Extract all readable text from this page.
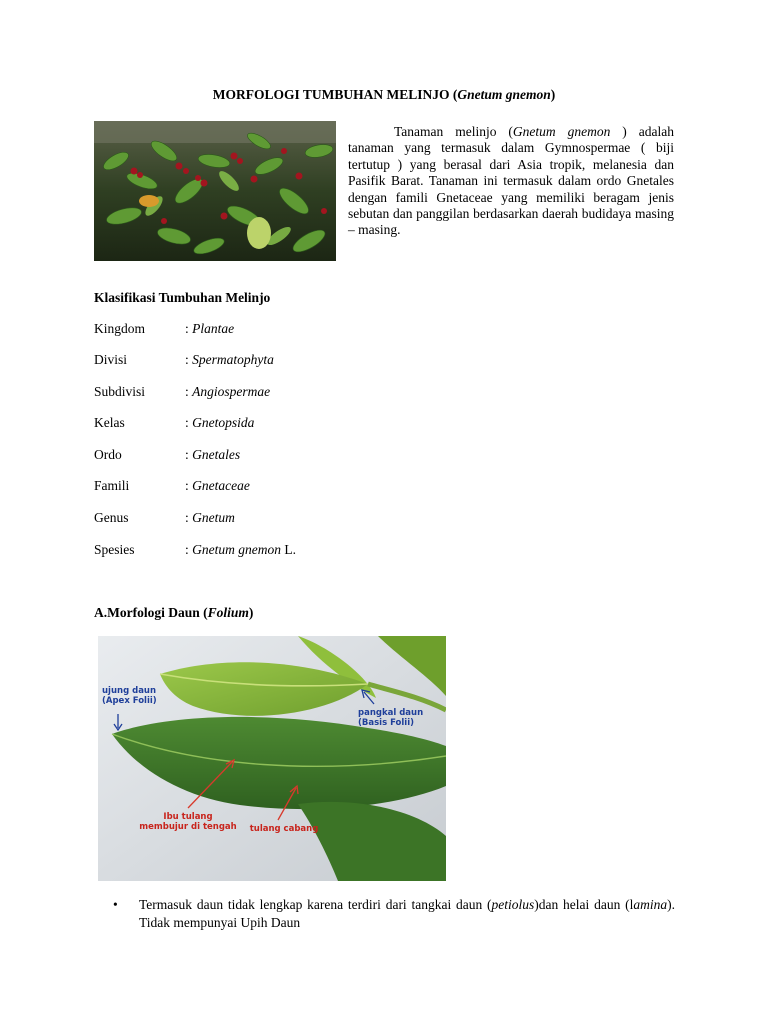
MORFOLOGI TUMBUHAN MELINJO (Gnetum gnemon)
Tanaman melinjo (Gnetum gnemon ) adalah tanaman yang termasuk dalam Gymnospermae ( biji tertutup ) yang berasal dari Asia tropik, melanesia dan Pasifik Barat. Tanaman ini termasuk dalam ordo Gnetales dengan famili Gnetaceae yang memiliki beragam jenis sebutan dan panggilan berdasarkan daerah budidaya masing – masing.
Klasifikasi Tumbuhan Melinjo
Kingdom	: Plantae
Divisi	: Spermatophyta
Subdivisi	: Angiospermae
Kelas	: Gnetopsida
Ordo	: Gnetales
Famili	: Gnetaceae
Genus	: Gnetum
Spesies	: Gnetum gnemon L.
A.Morfologi Daun (Folium)
ujung daun
(Apex Folii)
pangkal daun
(Basis Folii)
Ibu tulang
membujur di tengah tulang cabang
• Termasuk daun tidak lengkap karena terdiri dari tangkai daun (petiolus)dan helai daun (lamina). Tidak mempunyai Upih Daun
